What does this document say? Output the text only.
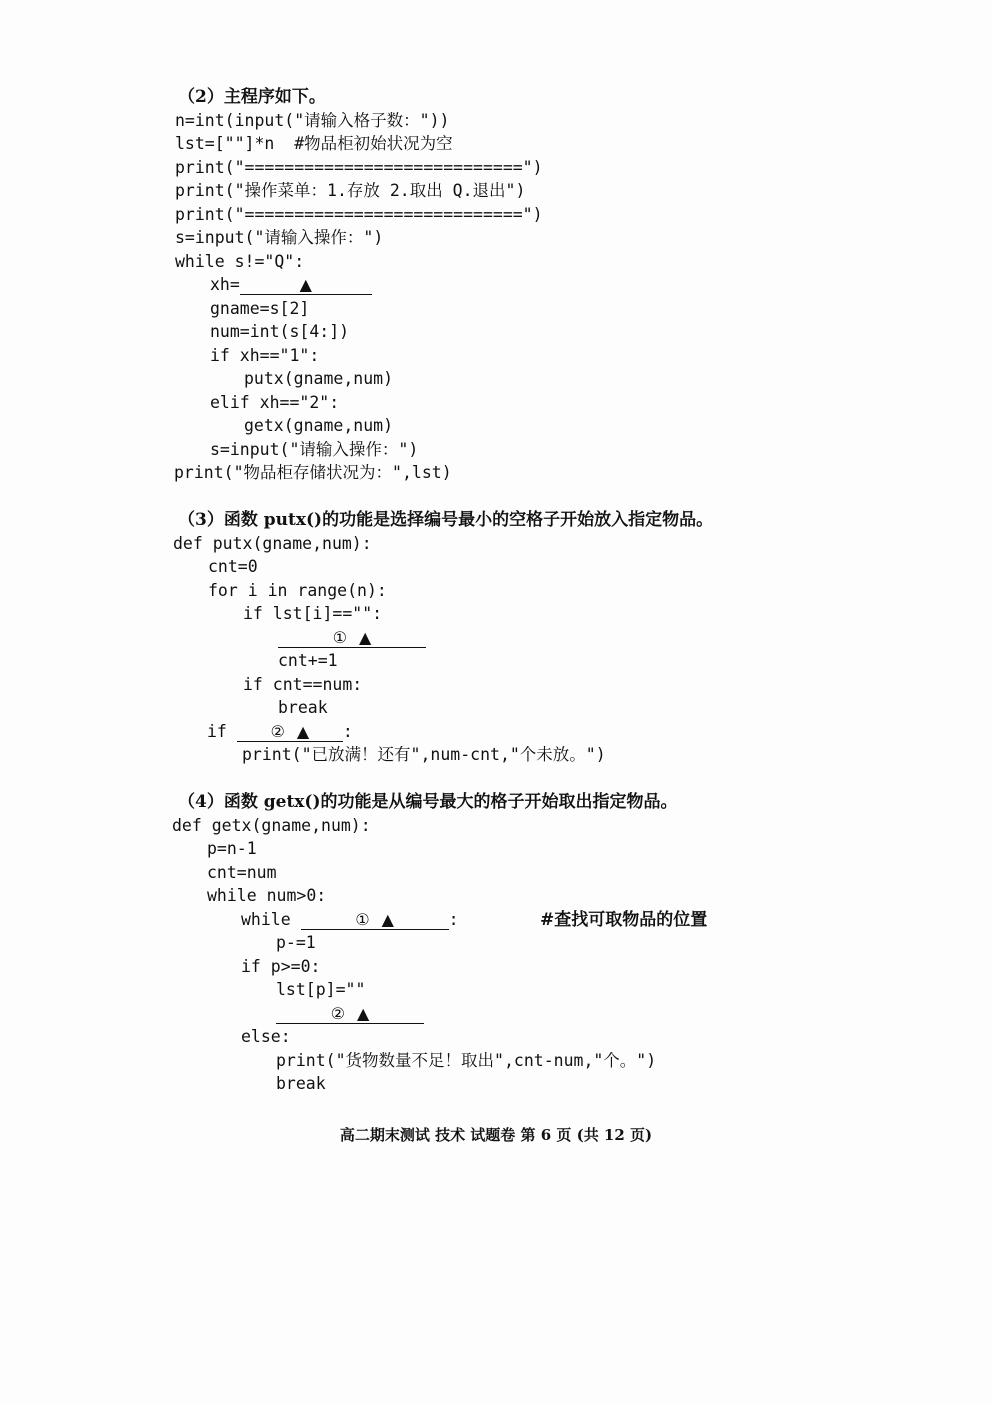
（2）主程序如下。
n=int(input("请输入格子数："))
lst=[""]*n  #物品柜初始状况为空
print("============================")
print("操作菜单：1.存放 2.取出 Q.退出")
print("============================")
s=input("请输入操作：")
while s!="Q":
xh=	▲
gname=s[2]
num=int(s[4:])
if xh=="1":
putx(gname,num)
elif xh=="2":
getx(gname,num)
s=input("请输入操作：")
print("物品柜存储状况为：",lst)
（3）函数 putx()的功能是选择编号最小的空格子开始放入指定物品。
def putx(gname,num):
cnt=0
for i in range(n):
if lst[i]=="":
① ▲
cnt+=1
if cnt==num:
break
if ② ▲ :
print("已放满！还有",num-cnt,"个未放。")
（4）函数 getx()的功能是从编号最大的格子开始取出指定物品。
def getx(gname,num):
p=n-1
cnt=num
while num>0:
while	① ▲	:	#查找可取物品的位置
p-=1
if p>=0:
lst[p]=""
② ▲
else:
print("货物数量不足！取出",cnt-num,"个。")
break
高二期末测试 技术 试题卷 第 6 页 (共 12 页)
